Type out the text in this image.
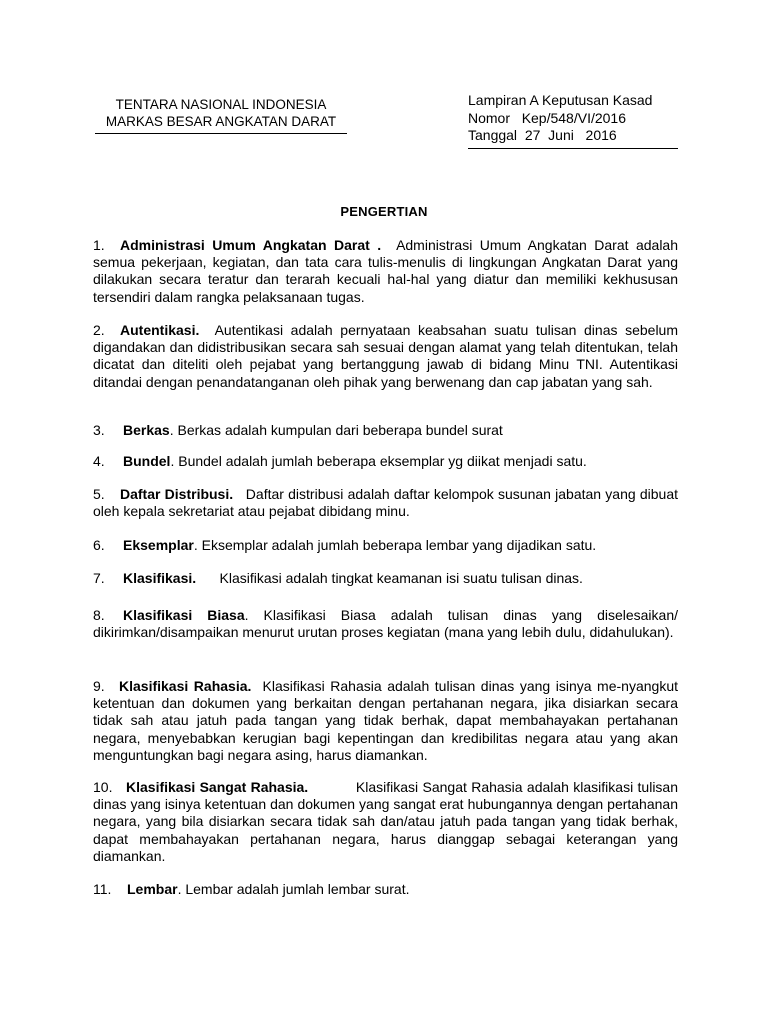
TENTARA NASIONAL INDONESIA
MARKAS BESAR ANGKATAN DARAT
Lampiran A Keputusan Kasad
Nomor Kep/548/VI/2016
Tanggal 27  Juni   2016
PENGERTIAN
1. Administrasi Umum Angkatan Darat . Administrasi Umum Angkatan Darat adalah semua pekerjaan, kegiatan, dan tata cara tulis-menulis di lingkungan Angkatan Darat yang dilakukan secara teratur dan terarah kecuali hal-hal yang diatur dan memiliki kekhususan tersendiri dalam rangka pelaksanaan tugas.
2. Autentikasi. Autentikasi adalah pernyataan keabsahan suatu tulisan dinas sebelum digandakan dan didistribusikan secara sah sesuai dengan alamat yang telah ditentukan, telah dicatat dan diteliti oleh pejabat yang bertanggung jawab di bidang Minu TNI. Autentikasi ditandai dengan penandatanganan oleh pihak yang berwenang dan cap jabatan yang sah.
3. Berkas. Berkas adalah kumpulan dari beberapa bundel surat
4. Bundel. Bundel adalah jumlah beberapa eksemplar yg diikat menjadi satu.
5. Daftar Distribusi. Daftar distribusi adalah daftar kelompok susunan jabatan yang dibuat oleh kepala sekretariat atau pejabat dibidang minu.
6. Eksemplar. Eksemplar adalah jumlah beberapa lembar yang dijadikan satu.
7. Klasifikasi. Klasifikasi adalah tingkat keamanan isi suatu tulisan dinas.
8. Klasifikasi Biasa. Klasifikasi Biasa adalah tulisan dinas yang diselesaikan/ dikirimkan/disampaikan menurut urutan proses kegiatan (mana yang lebih dulu, didahulukan).
9. Klasifikasi Rahasia. Klasifikasi Rahasia adalah tulisan dinas yang isinya me-nyangkut ketentuan dan dokumen yang berkaitan dengan pertahanan negara, jika disiarkan secara tidak sah atau jatuh pada tangan yang tidak berhak, dapat membahayakan pertahanan negara, menyebabkan kerugian bagi kepentingan dan kredibilitas negara atau yang akan menguntungkan bagi negara asing, harus diamankan.
10. Klasifikasi Sangat Rahasia.	Klasifikasi Sangat Rahasia adalah klasifikasi tulisan dinas yang isinya ketentuan dan dokumen yang sangat erat hubungannya dengan pertahanan negara, yang bila disiarkan secara tidak sah dan/atau jatuh pada tangan yang tidak berhak, dapat membahayakan pertahanan negara, harus dianggap sebagai keterangan yang diamankan.
11. Lembar. Lembar adalah jumlah lembar surat.
